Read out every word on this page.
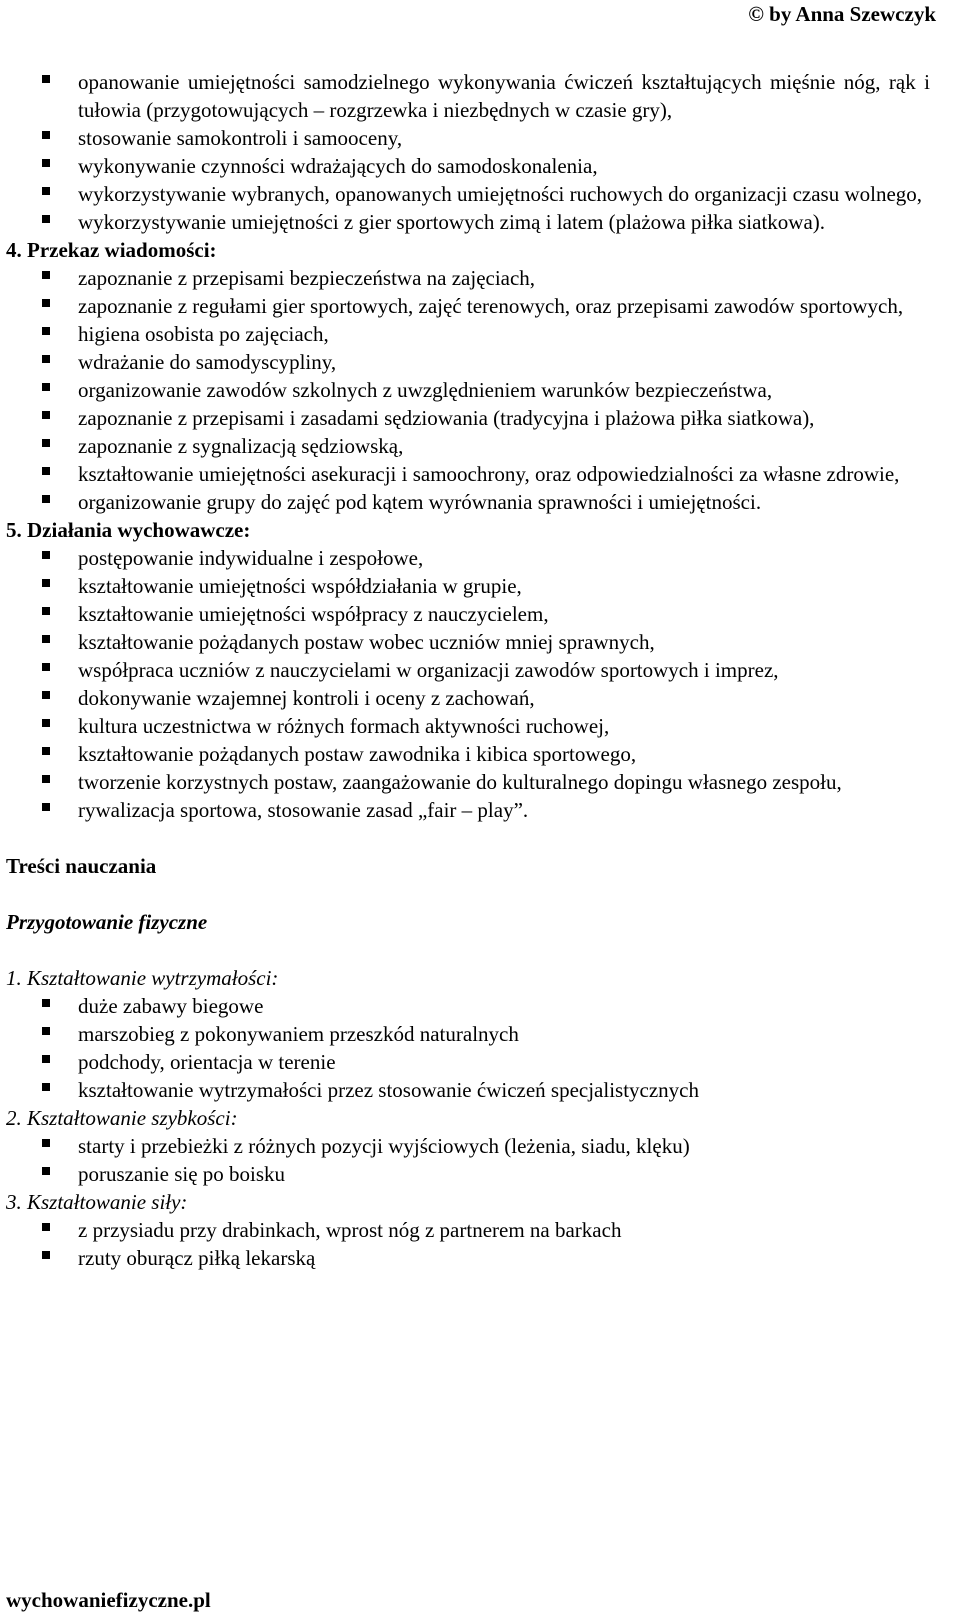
© by Anna Szewczyk
opanowanie umiejętności samodzielnego wykonywania ćwiczeń kształtujących mięśnie nóg, rąk i tułowia (przygotowujących – rozgrzewka i niezbędnych w czasie gry),
stosowanie samokontroli i samooceny,
wykonywanie czynności wdrażających do samodoskonalenia,
wykorzystywanie wybranych, opanowanych umiejętności ruchowych do organizacji czasu wolnego,
wykorzystywanie umiejętności z gier sportowych zimą i latem (plażowa piłka siatkowa).
4. Przekaz wiadomości:
zapoznanie z przepisami bezpieczeństwa na zajęciach,
zapoznanie z regułami gier sportowych, zajęć terenowych, oraz przepisami zawodów sportowych,
higiena osobista po zajęciach,
wdrażanie do samodyscypliny,
organizowanie zawodów szkolnych z uwzględnieniem warunków bezpieczeństwa,
zapoznanie z przepisami i zasadami sędziowania (tradycyjna i plażowa piłka siatkowa),
zapoznanie z sygnalizacją sędziowską,
kształtowanie umiejętności asekuracji i samoochrony, oraz odpowiedzialności za własne zdrowie,
organizowanie grupy do zajęć pod kątem wyrównania sprawności i umiejętności.
5. Działania wychowawcze:
postępowanie indywidualne i zespołowe,
kształtowanie umiejętności współdziałania w grupie,
kształtowanie umiejętności współpracy z nauczycielem,
kształtowanie pożądanych postaw wobec uczniów mniej sprawnych,
współpraca uczniów z nauczycielami w organizacji zawodów sportowych i imprez,
dokonywanie wzajemnej kontroli i oceny z zachowań,
kultura uczestnictwa w różnych formach aktywności ruchowej,
kształtowanie pożądanych postaw zawodnika i kibica sportowego,
tworzenie korzystnych postaw, zaangażowanie do kulturalnego dopingu własnego zespołu,
rywalizacja sportowa, stosowanie zasad „fair – play”.
Treści nauczania
Przygotowanie fizyczne
1. Kształtowanie wytrzymałości:
duże zabawy biegowe
marszobieg z pokonywaniem przeszkód naturalnych
podchody, orientacja w terenie
kształtowanie wytrzymałości przez stosowanie ćwiczeń specjalistycznych
2. Kształtowanie szybkości:
starty i przebieżki z różnych pozycji wyjściowych (leżenia, siadu, klęku)
poruszanie się po boisku
3. Kształtowanie siły:
z przysiadu przy drabinkach, wprost nóg z partnerem na barkach
rzuty oburącz piłką lekarską
wychowaniefizyczne.pl
